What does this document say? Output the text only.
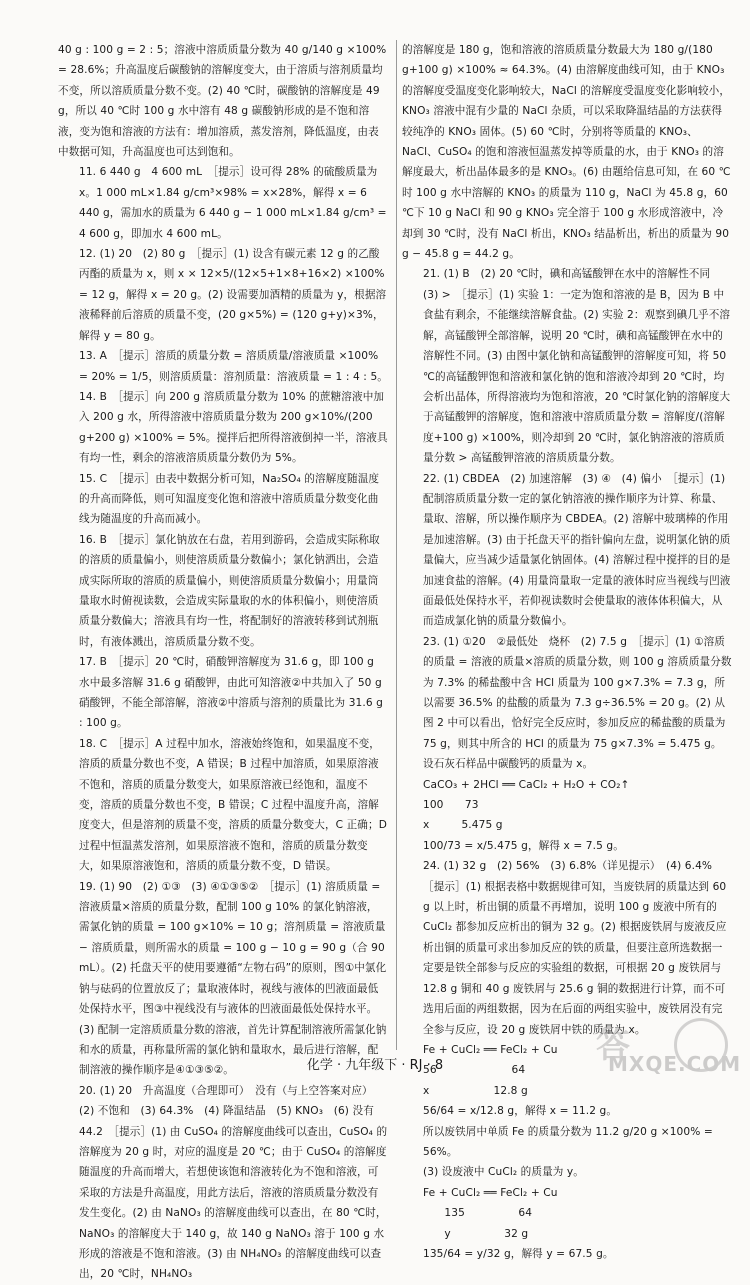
40 g : 100 g = 2 : 5；溶液中溶质质量分数为 40 g/140 g ×100% = 28.6%；升高温度后碳酸钠的溶解度变大，由于溶质与溶剂质量均不变，所以溶质质量分数不变。(2) 40 ℃时，碳酸钠的溶解度是 49 g，所以 40 ℃时 100 g 水中溶有 48 g 碳酸钠形成的是不饱和溶液，变为饱和溶液的方法有：增加溶质，蒸发溶剂，降低温度，由表中数据可知，升高温度也可达到饱和。

11. 6 440 g　4 600 mL　［提示］设可得 28% 的硫酸质量为 x。1 000 mL×1.84 g/cm³×98% = x×28%，解得 x = 6 440 g，需加水的质量为 6 440 g − 1 000 mL×1.84 g/cm³ = 4 600 g，即加水 4 600 mL。

12. (1) 20　(2) 80 g　［提示］(1) 设含有碳元素 12 g 的乙酸丙酯的质量为 x，则 x × 12×5/(12×5+1×8+16×2) ×100% = 12 g，解得 x = 20 g。(2) 设需要加酒精的质量为 y，根据溶液稀释前后溶质的质量不变，(20 g×5%) = (120 g+y)×3%，解得 y = 80 g。

13. A　［提示］溶质的质量分数 = 溶质质量/溶液质量 ×100% = 20% = 1/5，则溶质质量：溶剂质量：溶液质量 = 1 : 4 : 5。

14. B　［提示］向 200 g 溶质质量分数为 10% 的蔗糖溶液中加入 200 g 水，所得溶液中溶质质量分数为 200 g×10%/(200 g+200 g) ×100% = 5%。搅拌后把所得溶液倒掉一半，溶液具有均一性，剩余的溶液溶质质量分数仍为 5%。

15. C　［提示］由表中数据分析可知，Na₂SO₄ 的溶解度随温度的升高而降低，则可知温度变化饱和溶液中溶质质量分数变化曲线为随温度的升高而减小。

16. B　［提示］氯化钠放在右盘，若用到游码，会造成实际称取的溶质的质量偏小，则使溶质质量分数偏小；氯化钠洒出，会造成实际所取的溶质的质量偏小，则使溶质质量分数偏小；用量筒量取水时俯视读数，会造成实际量取的水的体积偏小，则使溶质质量分数偏大；溶液具有均一性，将配制好的溶液转移到试剂瓶时，有液体溅出，溶质质量分数不变。

17. B　［提示］20 ℃时，硝酸钾溶解度为 31.6 g，即 100 g 水中最多溶解 31.6 g 硝酸钾，由此可知溶液②中共加入了 50 g 硝酸钾，不能全部溶解，溶液②中溶质与溶剂的质量比为 31.6 g : 100 g。

18. C　［提示］A 过程中加水，溶液始终饱和，如果温度不变，溶质的质量分数也不变，A 错误；B 过程中加溶质，如果原溶液不饱和，溶质的质量分数变大，如果原溶液已经饱和，温度不变，溶质的质量分数也不变，B 错误；C 过程中温度升高，溶解度变大，但是溶剂的质量不变，溶质的质量分数变大，C 正确；D 过程中恒温蒸发溶剂，如果原溶液不饱和，溶质的质量分数变大，如果原溶液饱和，溶质的质量分数不变，D 错误。

19. (1) 90　(2) ①③　(3) ④①③⑤②　［提示］(1) 溶质质量 = 溶液质量×溶质的质量分数，配制 100 g 10% 的氯化钠溶液，需氯化钠的质量 = 100 g×10% = 10 g；溶剂质量 = 溶液质量 − 溶质质量，则所需水的质量 = 100 g − 10 g = 90 g（合 90 mL）。(2) 托盘天平的使用要遵循“左物右码”的原则，图①中氯化钠与砝码的位置放反了；量取液体时，视线与液体的凹液面最低处保持水平，图③中视线没有与液体的凹液面最低处保持水平。(3) 配制一定溶质质量分数的溶液，首先计算配制溶液所需氯化钠和水的质量，再称量所需的氯化钠和量取水，最后进行溶解，配制溶液的操作顺序是④①③⑤②。

20. (1) 20　升高温度（合理即可）　没有（与上空答案对应）　(2) 不饱和　(3) 64.3%　(4) 降温结晶　(5) KNO₃　(6) 没有　44.2　［提示］(1) 由 CuSO₄ 的溶解度曲线可以查出，CuSO₄ 的溶解度为 20 g 时，对应的温度是 20 ℃；由于 CuSO₄ 的溶解度随温度的升高而增大，若想使该饱和溶液转化为不饱和溶液，可采取的方法是升高温度，用此方法后，溶液的溶质质量分数没有发生变化。(2) 由 NaNO₃ 的溶解度曲线可以查出，在 80 ℃时，NaNO₃ 的溶解度大于 140 g，故 140 g NaNO₃ 溶于 100 g 水形成的溶液是不饱和溶液。(3) 由 NH₄NO₃ 的溶解度曲线可以查出，20 ℃时，NH₄NO₃

的溶解度是 180 g，饱和溶液的溶质质量分数最大为 180 g/(180 g+100 g) ×100% ≈ 64.3%。(4) 由溶解度曲线可知，由于 KNO₃ 的溶解度受温度变化影响较大，NaCl 的溶解度受温度变化影响较小，KNO₃ 溶液中混有少量的 NaCl 杂质，可以采取降温结晶的方法获得较纯净的 KNO₃ 固体。(5) 60 ℃时，分别将等质量的 KNO₃、NaCl、CuSO₄ 的饱和溶液恒温蒸发掉等质量的水，由于 KNO₃ 的溶解度最大，析出晶体最多的是 KNO₃。(6) 由题给信息可知，在 60 ℃时 100 g 水中溶解的 KNO₃ 的质量为 110 g，NaCl 为 45.8 g，60 ℃下 10 g NaCl 和 90 g KNO₃ 完全溶于 100 g 水形成溶液中，冷却到 30 ℃时，没有 NaCl 析出，KNO₃ 结晶析出，析出的质量为 90 g − 45.8 g = 44.2 g。

21. (1) B　(2) 20 ℃时，碘和高锰酸钾在水中的溶解性不同　(3) >　［提示］(1) 实验 1：一定为饱和溶液的是 B，因为 B 中食盐有剩余，不能继续溶解食盐。(2) 实验 2：观察到碘几乎不溶解，高锰酸钾全部溶解，说明 20 ℃时，碘和高锰酸钾在水中的溶解性不同。(3) 由图中氯化钠和高锰酸钾的溶解度可知，将 50 ℃的高锰酸钾饱和溶液和氯化钠的饱和溶液冷却到 20 ℃时，均会析出晶体，所得溶液均为饱和溶液，20 ℃时氯化钠的溶解度大于高锰酸钾的溶解度，饱和溶液中溶质质量分数 = 溶解度/(溶解度+100 g) ×100%，则冷却到 20 ℃时，氯化钠溶液的溶质质量分数 > 高锰酸钾溶液的溶质质量分数。

22. (1) CBDEA　(2) 加速溶解　(3) ④　(4) 偏小　［提示］(1) 配制溶质质量分数一定的氯化钠溶液的操作顺序为计算、称量、量取、溶解，所以操作顺序为 CBDEA。(2) 溶解中玻璃棒的作用是加速溶解。(3) 由于托盘天平的指针偏向左盘，说明氯化钠的质量偏大，应当减少适量氯化钠固体。(4) 溶解过程中搅拌的目的是加速食盐的溶解。(4) 用量筒量取一定量的液体时应当视线与凹液面最低处保持水平，若仰视读数时会使量取的液体体积偏大，从而造成氯化钠的质量分数偏小。

23. (1) ①20　②最低处　烧杯　(2) 7.5 g　［提示］(1) ①溶质的质量 = 溶液的质量×溶质的质量分数，则 100 g 溶质质量分数为 7.3% 的稀盐酸中含 HCl 质量为 100 g×7.3% = 7.3 g，所以需要 36.5% 的盐酸的质量为 7.3 g÷36.5% = 20 g。(2) 从图 2 中可以看出，恰好完全反应时，参加反应的稀盐酸的质量为 75 g，则其中所含的 HCl 的质量为 75 g×7.3% = 5.475 g。

设石灰石样品中碳酸钙的质量为 x。

CaCO₃ + 2HCl ══ CaCl₂ + H₂O + CO₂↑

100　　73

x　　　5.475 g

100/73 = x/5.475 g，解得 x = 7.5 g。

24. (1) 32 g　(2) 56%　(3) 6.8%（详见提示）　(4) 6.4%　［提示］(1) 根据表格中数据规律可知，当废铁屑的质量达到 60 g 以上时，析出铜的质量不再增加，说明 100 g 废液中所有的 CuCl₂ 都参加反应析出的铜为 32 g。(2) 根据废铁屑与废液反应析出铜的质量可求出参加反应的铁的质量，但要注意所选数据一定要是铁全部参与反应的实验组的数据，可根据 20 g 废铁屑与 12.8 g 铜和 40 g 废铁屑与 25.6 g 铜的数据进行计算，而不可选用后面的两组数据，因为在后面的两组实验中，废铁屑没有完全参与反应，设 20 g 废铁屑中铁的质量为 x。

Fe + CuCl₂ ══ FeCl₂ + Cu

56　　　　　　　64

x　　　　　　12.8 g

56/64 = x/12.8 g，解得 x = 11.2 g。

所以废铁屑中单质 Fe 的质量分数为 11.2 g/20 g ×100% = 56%。

(3) 设废液中 CuCl₂ 的质量为 y。

Fe + CuCl₂ ══ FeCl₂ + Cu

　　135　　　　　64

　　y　　　　　32 g

135/64 = y/32 g，解得 y = 67.5 g。

化学 · 九年级下 · RJ · 8	答
MXQE.COM
